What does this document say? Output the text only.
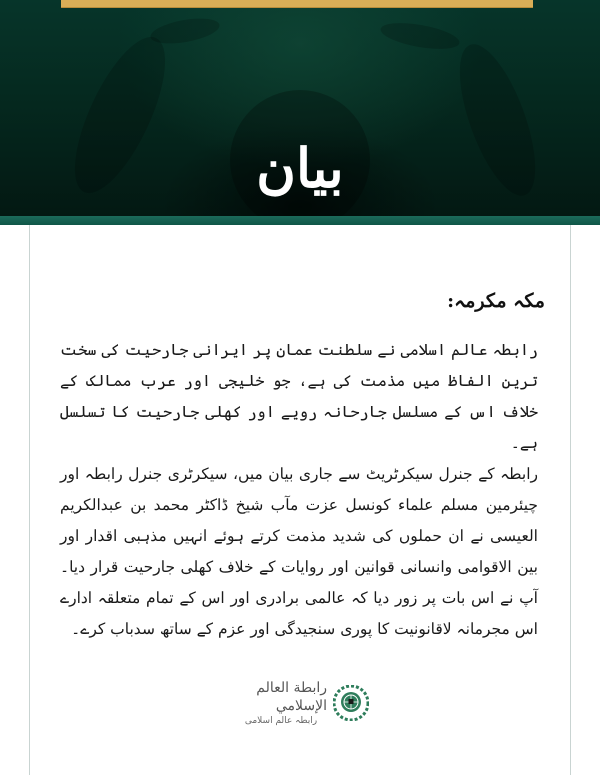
بیان
مکہ مکرمہ:

رابطہ عالم اسلامی نے سلطنت عمان پر ایرانی جارحیت کی سخت ترین الفاظ میں مذمت کی ہے، جو خلیجی اور عرب ممالک کے خلاف اس کے مسلسل جارحانہ رویے اور کھلی جارحیت کا تسلسل ہے۔

رابطہ کے جنرل سیکرٹریٹ سے جاری بیان میں، سیکرٹری جنرل رابطہ اور چیئرمین مسلم علماء کونسل عزت مآب شیخ ڈاکٹر محمد بن عبدالکریم العیسی نے ان حملوں کی شدید مذمت کرتے ہوئے انہیں مذہبی اقدار اور بین الاقوامی وانسانی قوانین اور روایات کے خلاف کھلی جارحیت قرار دیا۔ آپ نے اس بات پر زور دیا کہ عالمی برادری اور اس کے تمام متعلقہ ادارے اس مجرمانہ لاقانونیت کا پوری سنجیدگی اور عزم کے ساتھ سدباب کرے۔

رابطة العالم الإسلامي
رابطہ عالم اسلامی
